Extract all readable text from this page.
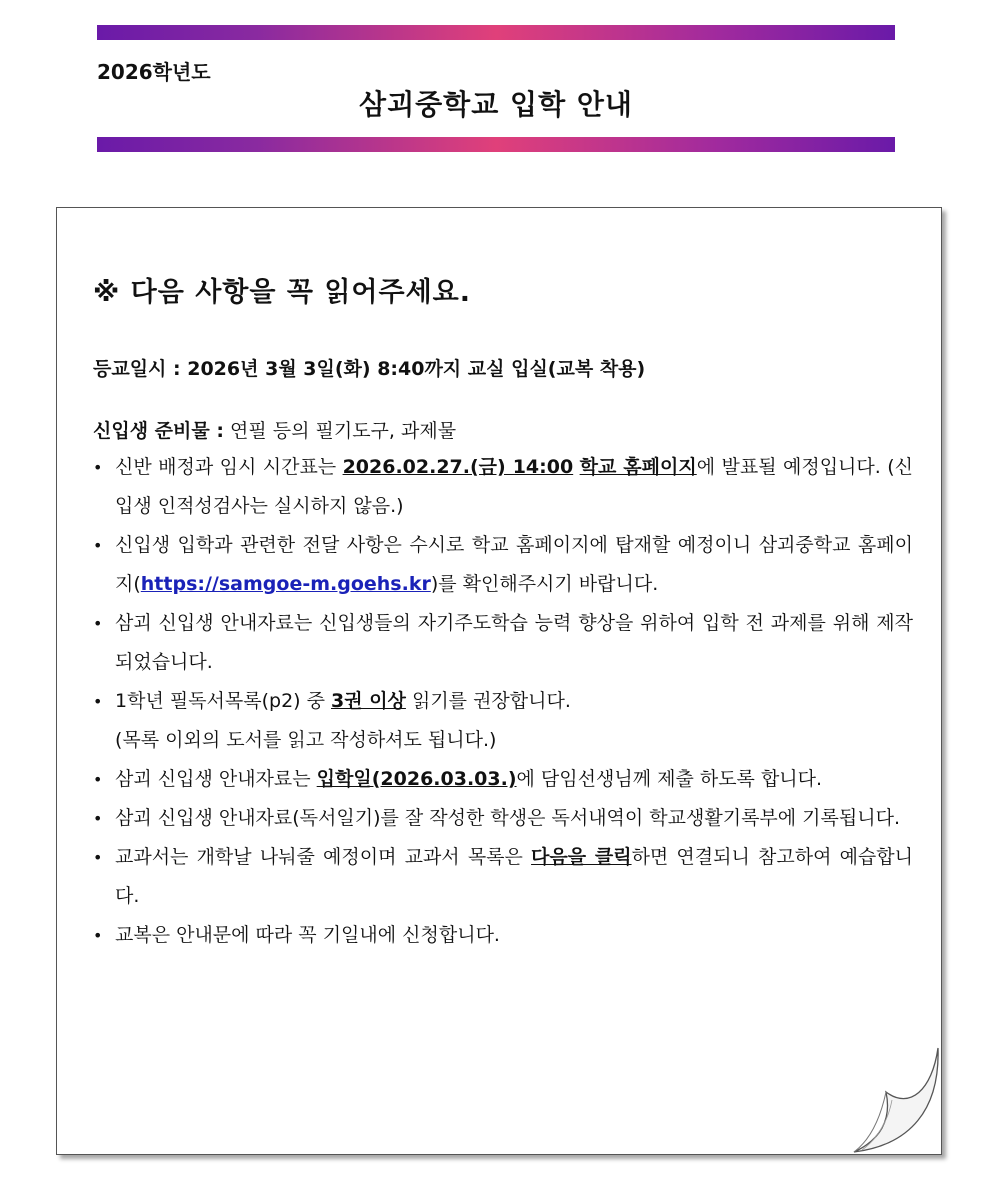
2026학년도
삼괴중학교 입학 안내
※ 다음 사항을 꼭 읽어주세요.
등교일시 : 2026년 3월 3일(화) 8:40까지 교실 입실(교복 착용)
신입생 준비물 : 연필 등의 필기도구, 과제물
• 신반 배정과 임시 시간표는 2026.02.27.(금) 14:00 학교 홈페이지에 발표될 예정입니다. (신입생 인적성검사는 실시하지 않음.)
• 신입생 입학과 관련한 전달 사항은 수시로 학교 홈페이지에 탑재할 예정이니 삼괴중학교 홈페이지(https://samgoe-m.goehs.kr)를 확인해주시기 바랍니다.
• 삼괴 신입생 안내자료는 신입생들의 자기주도학습 능력 향상을 위하여 입학 전 과제를 위해 제작되었습니다.
• 1학년 필독서목록(p2) 중 3권 이상 읽기를 권장합니다.
(목록 이외의 도서를 읽고 작성하셔도 됩니다.)
• 삼괴 신입생 안내자료는 입학일(2026.03.03.)에 담임선생님께 제출 하도록 합니다.
• 삼괴 신입생 안내자료(독서일기)를 잘 작성한 학생은 독서내역이 학교생활기록부에 기록됩니다.
• 교과서는 개학날 나눠줄 예정이며 교과서 목록은 다음을 클릭하면 연결되니 참고하여 예습합니다.
• 교복은 안내문에 따라 꼭 기일내에 신청합니다.
